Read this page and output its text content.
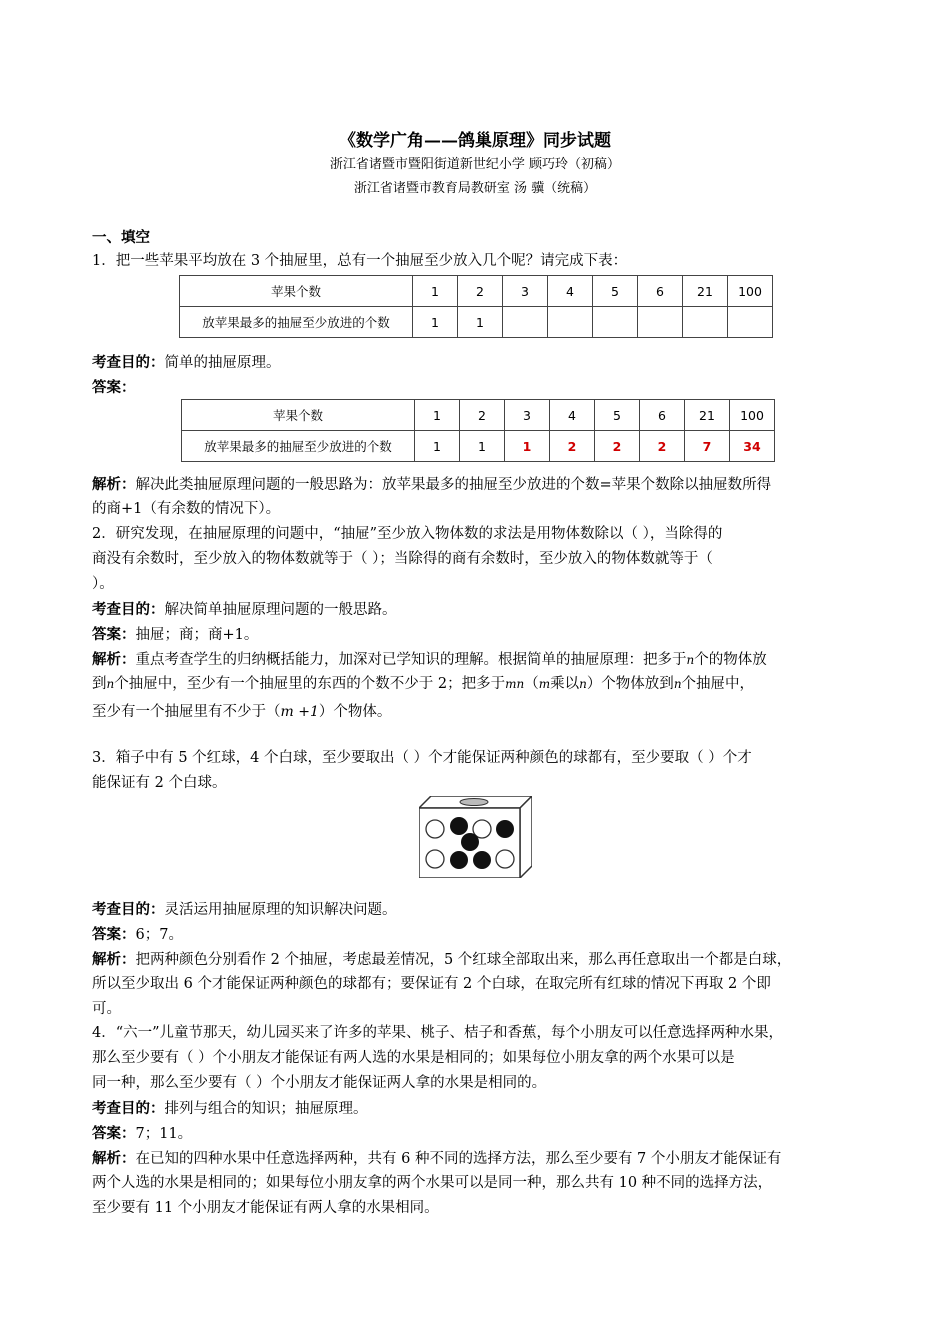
《数学广角——鸽巢原理》同步试题
浙江省诸暨市暨阳街道新世纪小学 顾巧玲（初稿）
浙江省诸暨市教育局教研室 汤 骥（统稿）
一、填空
1．把一些苹果平均放在 3 个抽屉里，总有一个抽屉至少放入几个呢？请完成下表：
苹果个数	1	2	3	4	5	6	21	100
放苹果最多的抽屉至少放进的个数	1	1						
考查目的：简单的抽屉原理。
答案：
苹果个数	1	2	3	4	5	6	21	100
放苹果最多的抽屉至少放进的个数	1	1	1	2	2	2	7	34
解析：解决此类抽屉原理问题的一般思路为：放苹果最多的抽屉至少放进的个数=苹果个数除以抽屉数所得
的商+1（有余数的情况下）。
2．研究发现，在抽屉原理的问题中，“抽屉”至少放入物体数的求法是用物体数除以（ ），当除得的
商没有余数时，至少放入的物体数就等于（ ）；当除得的商有余数时，至少放入的物体数就等于（
）。
考查目的：解决简单抽屉原理问题的一般思路。
答案：抽屉；商；商+1。
解析：重点考查学生的归纳概括能力，加深对已学知识的理解。根据简单的抽屉原理：把多于n个的物体放
到n个抽屉中，至少有一个抽屉里的东西的个数不少于 2；把多于mn（m乘以n）个物体放到n个抽屉中，
至少有一个抽屉里有不少于（m +1）个物体。
3．箱子中有 5 个红球，4 个白球，至少要取出（ ）个才能保证两种颜色的球都有，至少要取（ ）个才
能保证有 2 个白球。
考查目的：灵活运用抽屉原理的知识解决问题。
答案：6；7。
解析：把两种颜色分别看作 2 个抽屉，考虑最差情况，5 个红球全部取出来，那么再任意取出一个都是白球，
所以至少取出 6 个才能保证两种颜色的球都有；要保证有 2 个白球，在取完所有红球的情况下再取 2 个即
可。
4．“六一”儿童节那天，幼儿园买来了许多的苹果、桃子、桔子和香蕉，每个小朋友可以任意选择两种水果，
那么至少要有（ ）个小朋友才能保证有两人选的水果是相同的；如果每位小朋友拿的两个水果可以是
同一种，那么至少要有（ ）个小朋友才能保证两人拿的水果是相同的。
考查目的：排列与组合的知识；抽屉原理。
答案：7；11。
解析：在已知的四种水果中任意选择两种，共有 6 种不同的选择方法，那么至少要有 7 个小朋友才能保证有
两个人选的水果是相同的；如果每位小朋友拿的两个水果可以是同一种，那么共有 10 种不同的选择方法，
至少要有 11 个小朋友才能保证有两人拿的水果相同。
